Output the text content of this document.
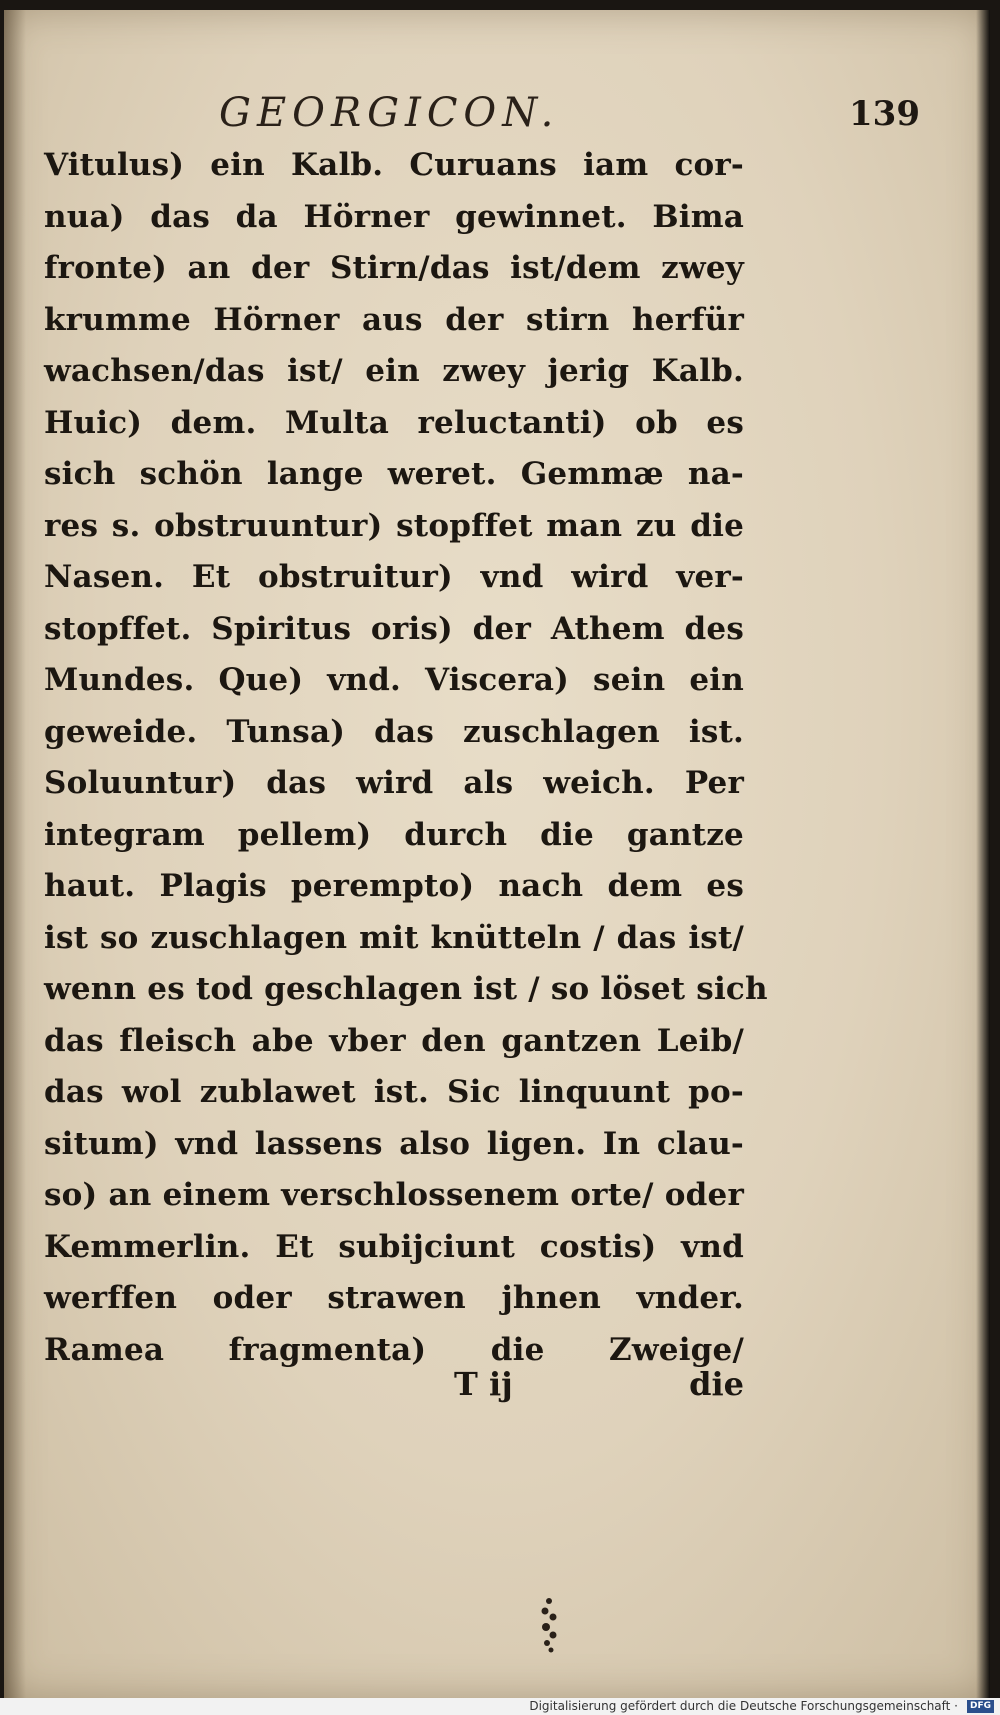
GEORGICON.	139
Vitulus) ein Kalb. Curuans iam cor-
nua) das da Hörner gewinnet. Bima
fronte) an der Stirn/das ist/dem zwey
krumme Hörner aus der stirn herfür
wachsen/das ist/ ein zwey jerig Kalb.
Huic) dem. Multa reluctanti) ob es
sich schön lange weret. Gemmæ na-
res s. obstruuntur) stopffet man zu die
Nasen. Et obstruitur) vnd wird ver-
stopffet. Spiritus oris) der Athem des
Mundes. Que) vnd. Viscera) sein ein
geweide. Tunsa) das zuschlagen ist.
Soluuntur) das wird als weich. Per
integram pellem) durch die gantze
haut. Plagis perempto) nach dem es
ist so zuschlagen mit knütteln / das ist/
wenn es tod geschlagen ist / so löset sich
das fleisch abe vber den gantzen Leib/
das wol zublawet ist. Sic linquunt po-
situm) vnd lassens also ligen. In clau-
so) an einem verschlossenem orte/ oder
Kemmerlin. Et subijciunt costis) vnd
werffen oder strawen jhnen vnder.
Ramea fragmenta) die Zweige/
T ij	die
Digitalisierung gefördert durch die Deutsche Forschungsgemeinschaft ·	DFG
